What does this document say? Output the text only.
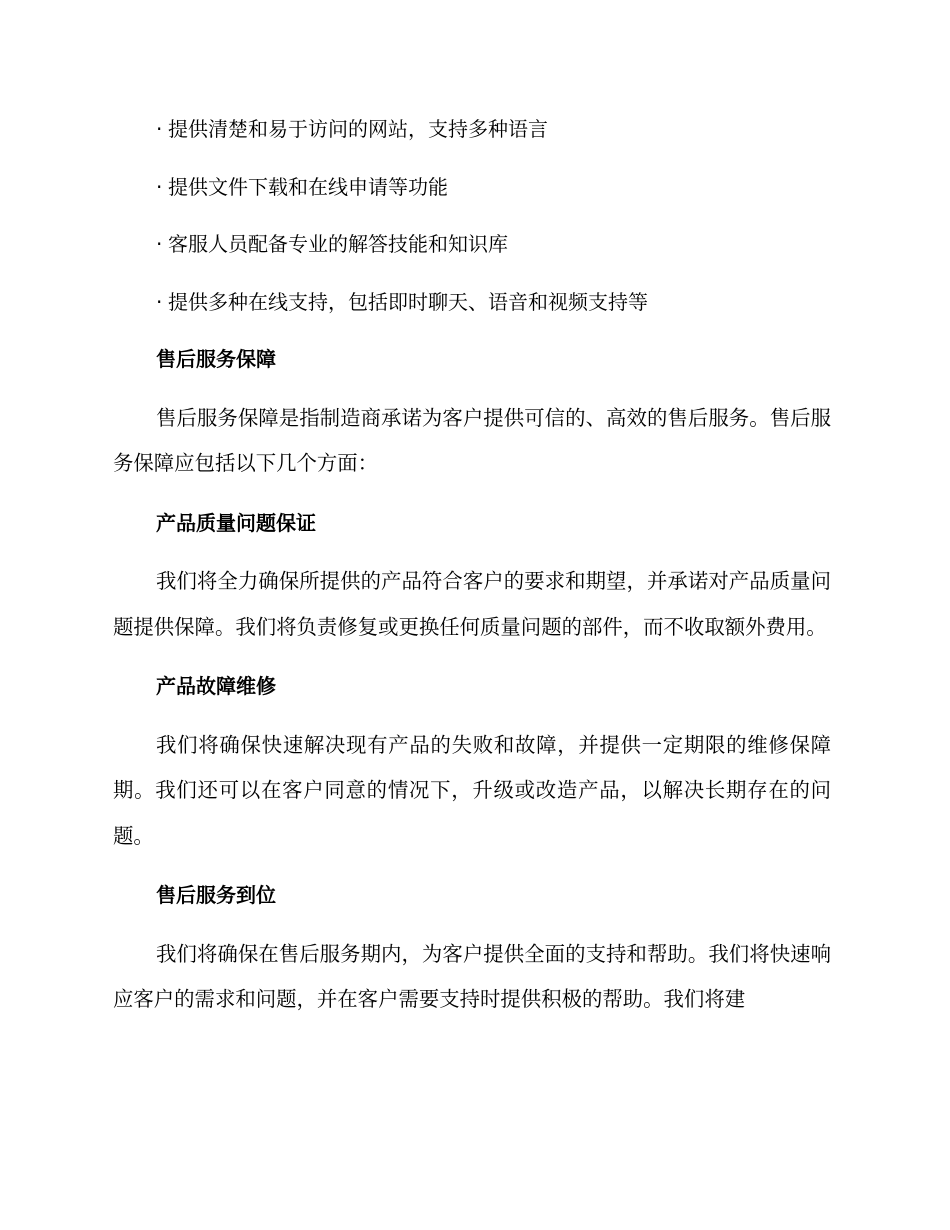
· 提供清楚和易于访问的网站，支持多种语言
· 提供文件下载和在线申请等功能
· 客服人员配备专业的解答技能和知识库
· 提供多种在线支持，包括即时聊天、语音和视频支持等
售后服务保障

售后服务保障是指制造商承诺为客户提供可信的、高效的售后服务。售后服务保障应包括以下几个方面：

产品质量问题保证

我们将全力确保所提供的产品符合客户的要求和期望，并承诺对产品质量问题提供保障。我们将负责修复或更换任何质量问题的部件，而不收取额外费用。

产品故障维修

我们将确保快速解决现有产品的失败和故障，并提供一定期限的维修保障期。我们还可以在客户同意的情况下，升级或改造产品，以解决长期存在的问题。

售后服务到位

我们将确保在售后服务期内，为客户提供全面的支持和帮助。我们将快速响应客户的需求和问题，并在客户需要支持时提供积极的帮助。我们将建
